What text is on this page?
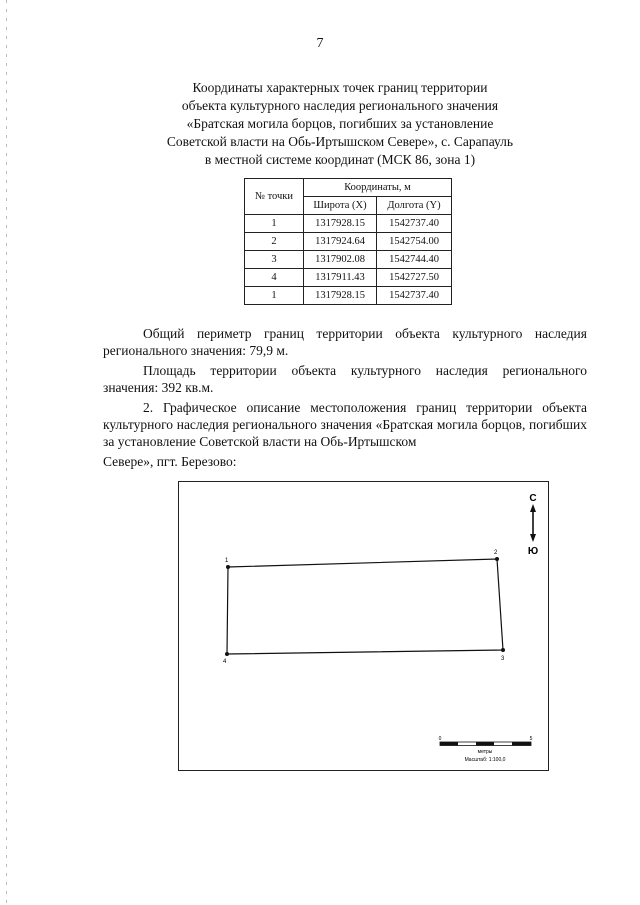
7
Координаты характерных точек границ территории
объекта культурного наследия регионального значения
«Братская могила борцов, погибших за установление
Советской власти на Обь-Иртышском Севере», с. Сарапауль
в местной системе координат (МСК 86, зона 1)
№ точки	Координаты, м	
	Широта (X)	Долгота (Y)
1	1317928.15	1542737.40
2	1317924.64	1542754.00
3	1317902.08	1542744.40
4	1317911.43	1542727.50
1	1317928.15	1542737.40

Общий периметр границ территории объекта культурного наследия регионального значения: 79,9 м.

Площадь территории объекта культурного наследия регионального значения: 392 кв.м.

2. Графическое описание местоположения границ территории объекта культурного наследия регионального значения «Братская могила борцов, погибших за установление Советской власти на Обь-Иртышском

Севере», пгт. Березово:

1
2
3
4
С
Ю
0	5
метры
Масштаб: 1:100,0
